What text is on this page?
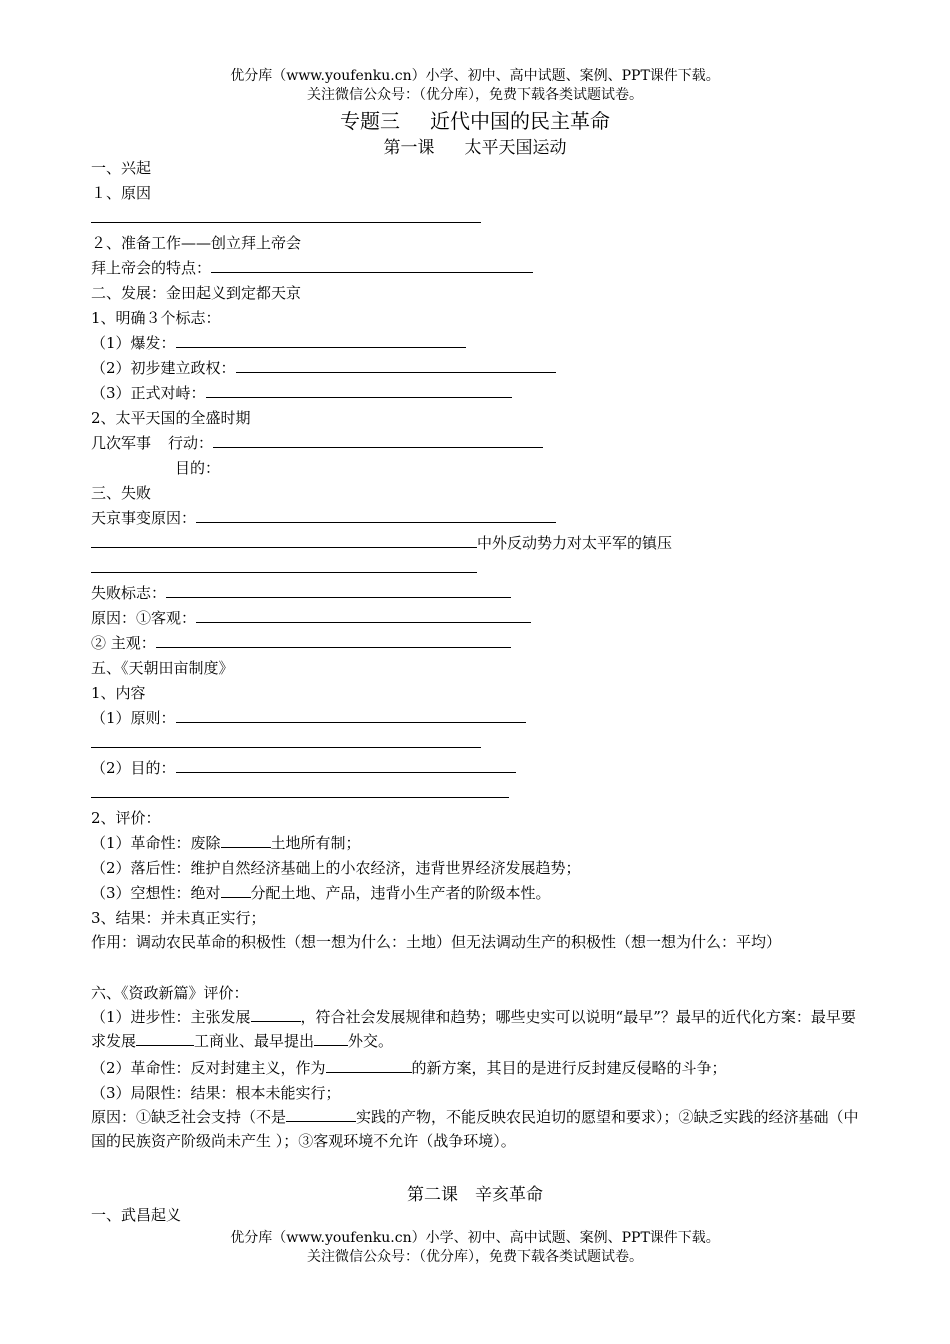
优分库（www.youfenku.cn）小学、初中、高中试题、案例、PPT课件下载。
关注微信公众号：（优分库），免费下载各类试题试卷。
专题三 近代中国的民主革命
第一课 太平天国运动
一、兴起
１、原因
２、准备工作——创立拜上帝会
拜上帝会的特点：
二、发展：金田起义到定都天京
1、明确３个标志：
（1）爆发：
（2）初步建立政权：
（3）正式对峙：
2、太平天国的全盛时期
几次军事 行动：
目的：
三、失败
天京事变原因：
中外反动势力对太平军的镇压
失败标志：
原因：①客观：
② 主观：
五、《天朝田亩制度》
1、内容
（1）原则：
（2）目的：
2、评价：
（1）革命性：废除	土地所有制；
（2）落后性：维护自然经济基础上的小农经济，违背世界经济发展趋势；
（3）空想性：绝对 分配土地、产品，违背小生产者的阶级本性。
3、结果：并未真正实行；
作用：调动农民革命的积极性（想一想为什么：土地）但无法调动生产的积极性（想一想为什么：平均）
六、《资政新篇》评价：
（1）进步性：主张发展	，符合社会发展规律和趋势；哪些史实可以说明“最早”？最早的近代化方案：最早要求发展	工商业、最早提出 外交。
（2）革命性：反对封建主义，作为	的新方案，其目的是进行反封建反侵略的斗争；
（3）局限性：结果：根本未能实行；
原因：①缺乏社会支持（不是	实践的产物，不能反映农民迫切的愿望和要求）；②缺乏实践的经济基础（中国的民族资产阶级尚未产生 ）；③客观环境不允许（战争环境）。
第二课　辛亥革命
一、武昌起义
优分库（www.youfenku.cn）小学、初中、高中试题、案例、PPT课件下载。
关注微信公众号：（优分库），免费下载各类试题试卷。
